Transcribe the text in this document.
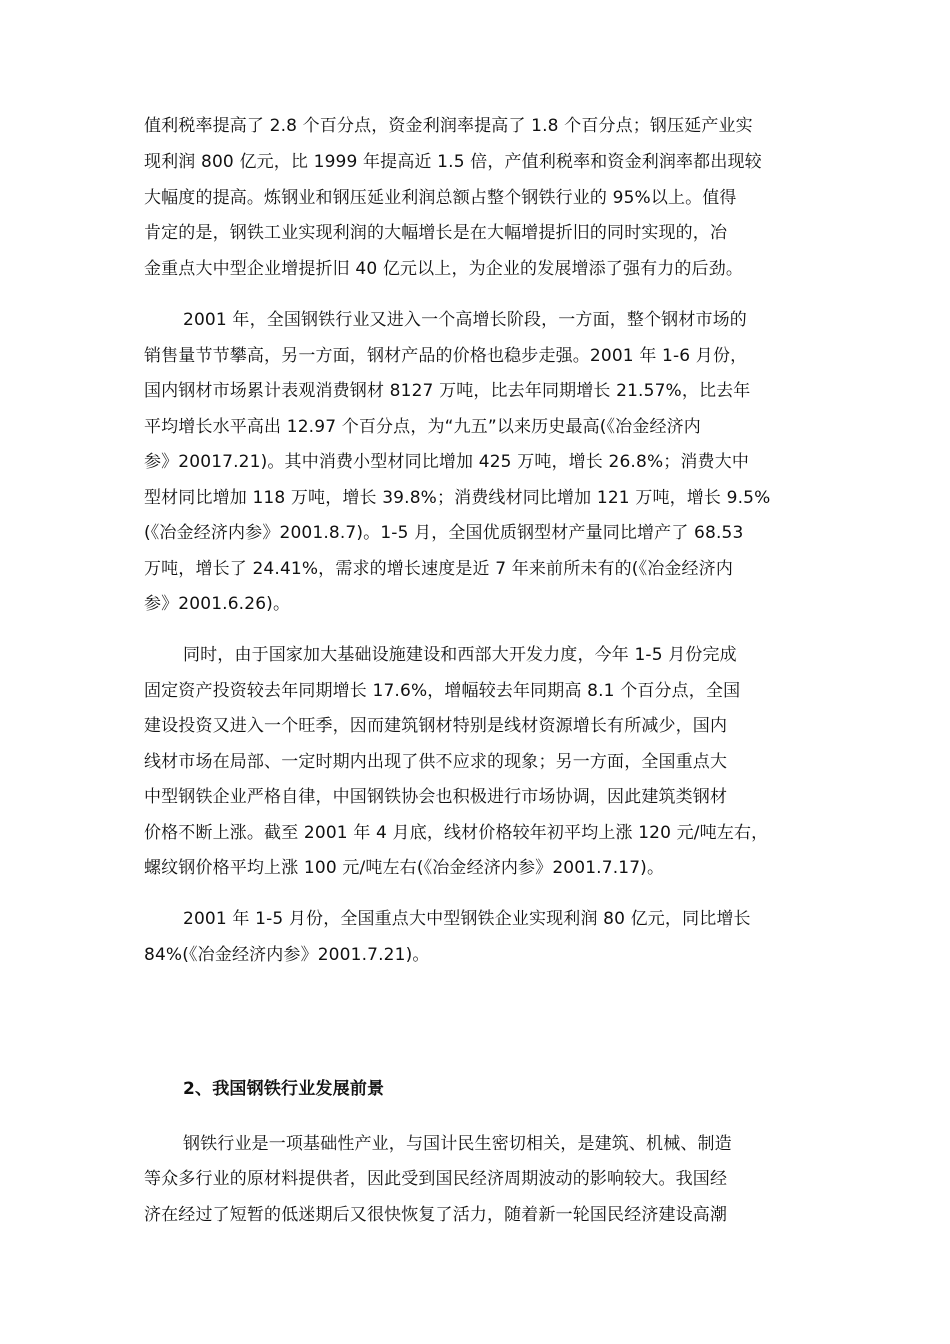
值利税率提高了 2.8 个百分点，资金利润率提高了 1.8 个百分点；钢压延产业实
现利润 800 亿元，比 1999 年提高近 1.5 倍，产值利税率和资金利润率都出现较
大幅度的提高。炼钢业和钢压延业利润总额占整个钢铁行业的 95%以上。值得
肯定的是，钢铁工业实现利润的大幅增长是在大幅增提折旧的同时实现的，冶
金重点大中型企业增提折旧 40 亿元以上，为企业的发展增添了强有力的后劲。
2001 年，全国钢铁行业又进入一个高增长阶段，一方面，整个钢材市场的
销售量节节攀高，另一方面，钢材产品的价格也稳步走强。2001 年 1-6 月份，
国内钢材市场累计表观消费钢材 8127 万吨，比去年同期增长 21.57%，比去年
平均增长水平高出 12.97 个百分点，为“九五”以来历史最高(《冶金经济内
参》20017.21)。其中消费小型材同比增加 425 万吨，增长 26.8%；消费大中
型材同比增加 118 万吨，增长 39.8%；消费线材同比增加 121 万吨，增长 9.5%
(《冶金经济内参》2001.8.7)。1-5 月，全国优质钢型材产量同比增产了 68.53
万吨，增长了 24.41%，需求的增长速度是近 7 年来前所未有的(《冶金经济内
参》2001.6.26)。
同时，由于国家加大基础设施建设和西部大开发力度，今年 1-5 月份完成
固定资产投资较去年同期增长 17.6%，增幅较去年同期高 8.1 个百分点，全国
建设投资又进入一个旺季，因而建筑钢材特别是线材资源增长有所减少，国内
线材市场在局部、一定时期内出现了供不应求的现象；另一方面，全国重点大
中型钢铁企业严格自律，中国钢铁协会也积极进行市场协调，因此建筑类钢材
价格不断上涨。截至 2001 年 4 月底，线材价格较年初平均上涨 120 元/吨左右，
螺纹钢价格平均上涨 100 元/吨左右(《冶金经济内参》2001.7.17)。
2001 年 1-5 月份，全国重点大中型钢铁企业实现利润 80 亿元，同比增长
84%(《冶金经济内参》2001.7.21)。
2、我国钢铁行业发展前景
钢铁行业是一项基础性产业，与国计民生密切相关，是建筑、机械、制造
等众多行业的原材料提供者，因此受到国民经济周期波动的影响较大。我国经
济在经过了短暂的低迷期后又很快恢复了活力，随着新一轮国民经济建设高潮
